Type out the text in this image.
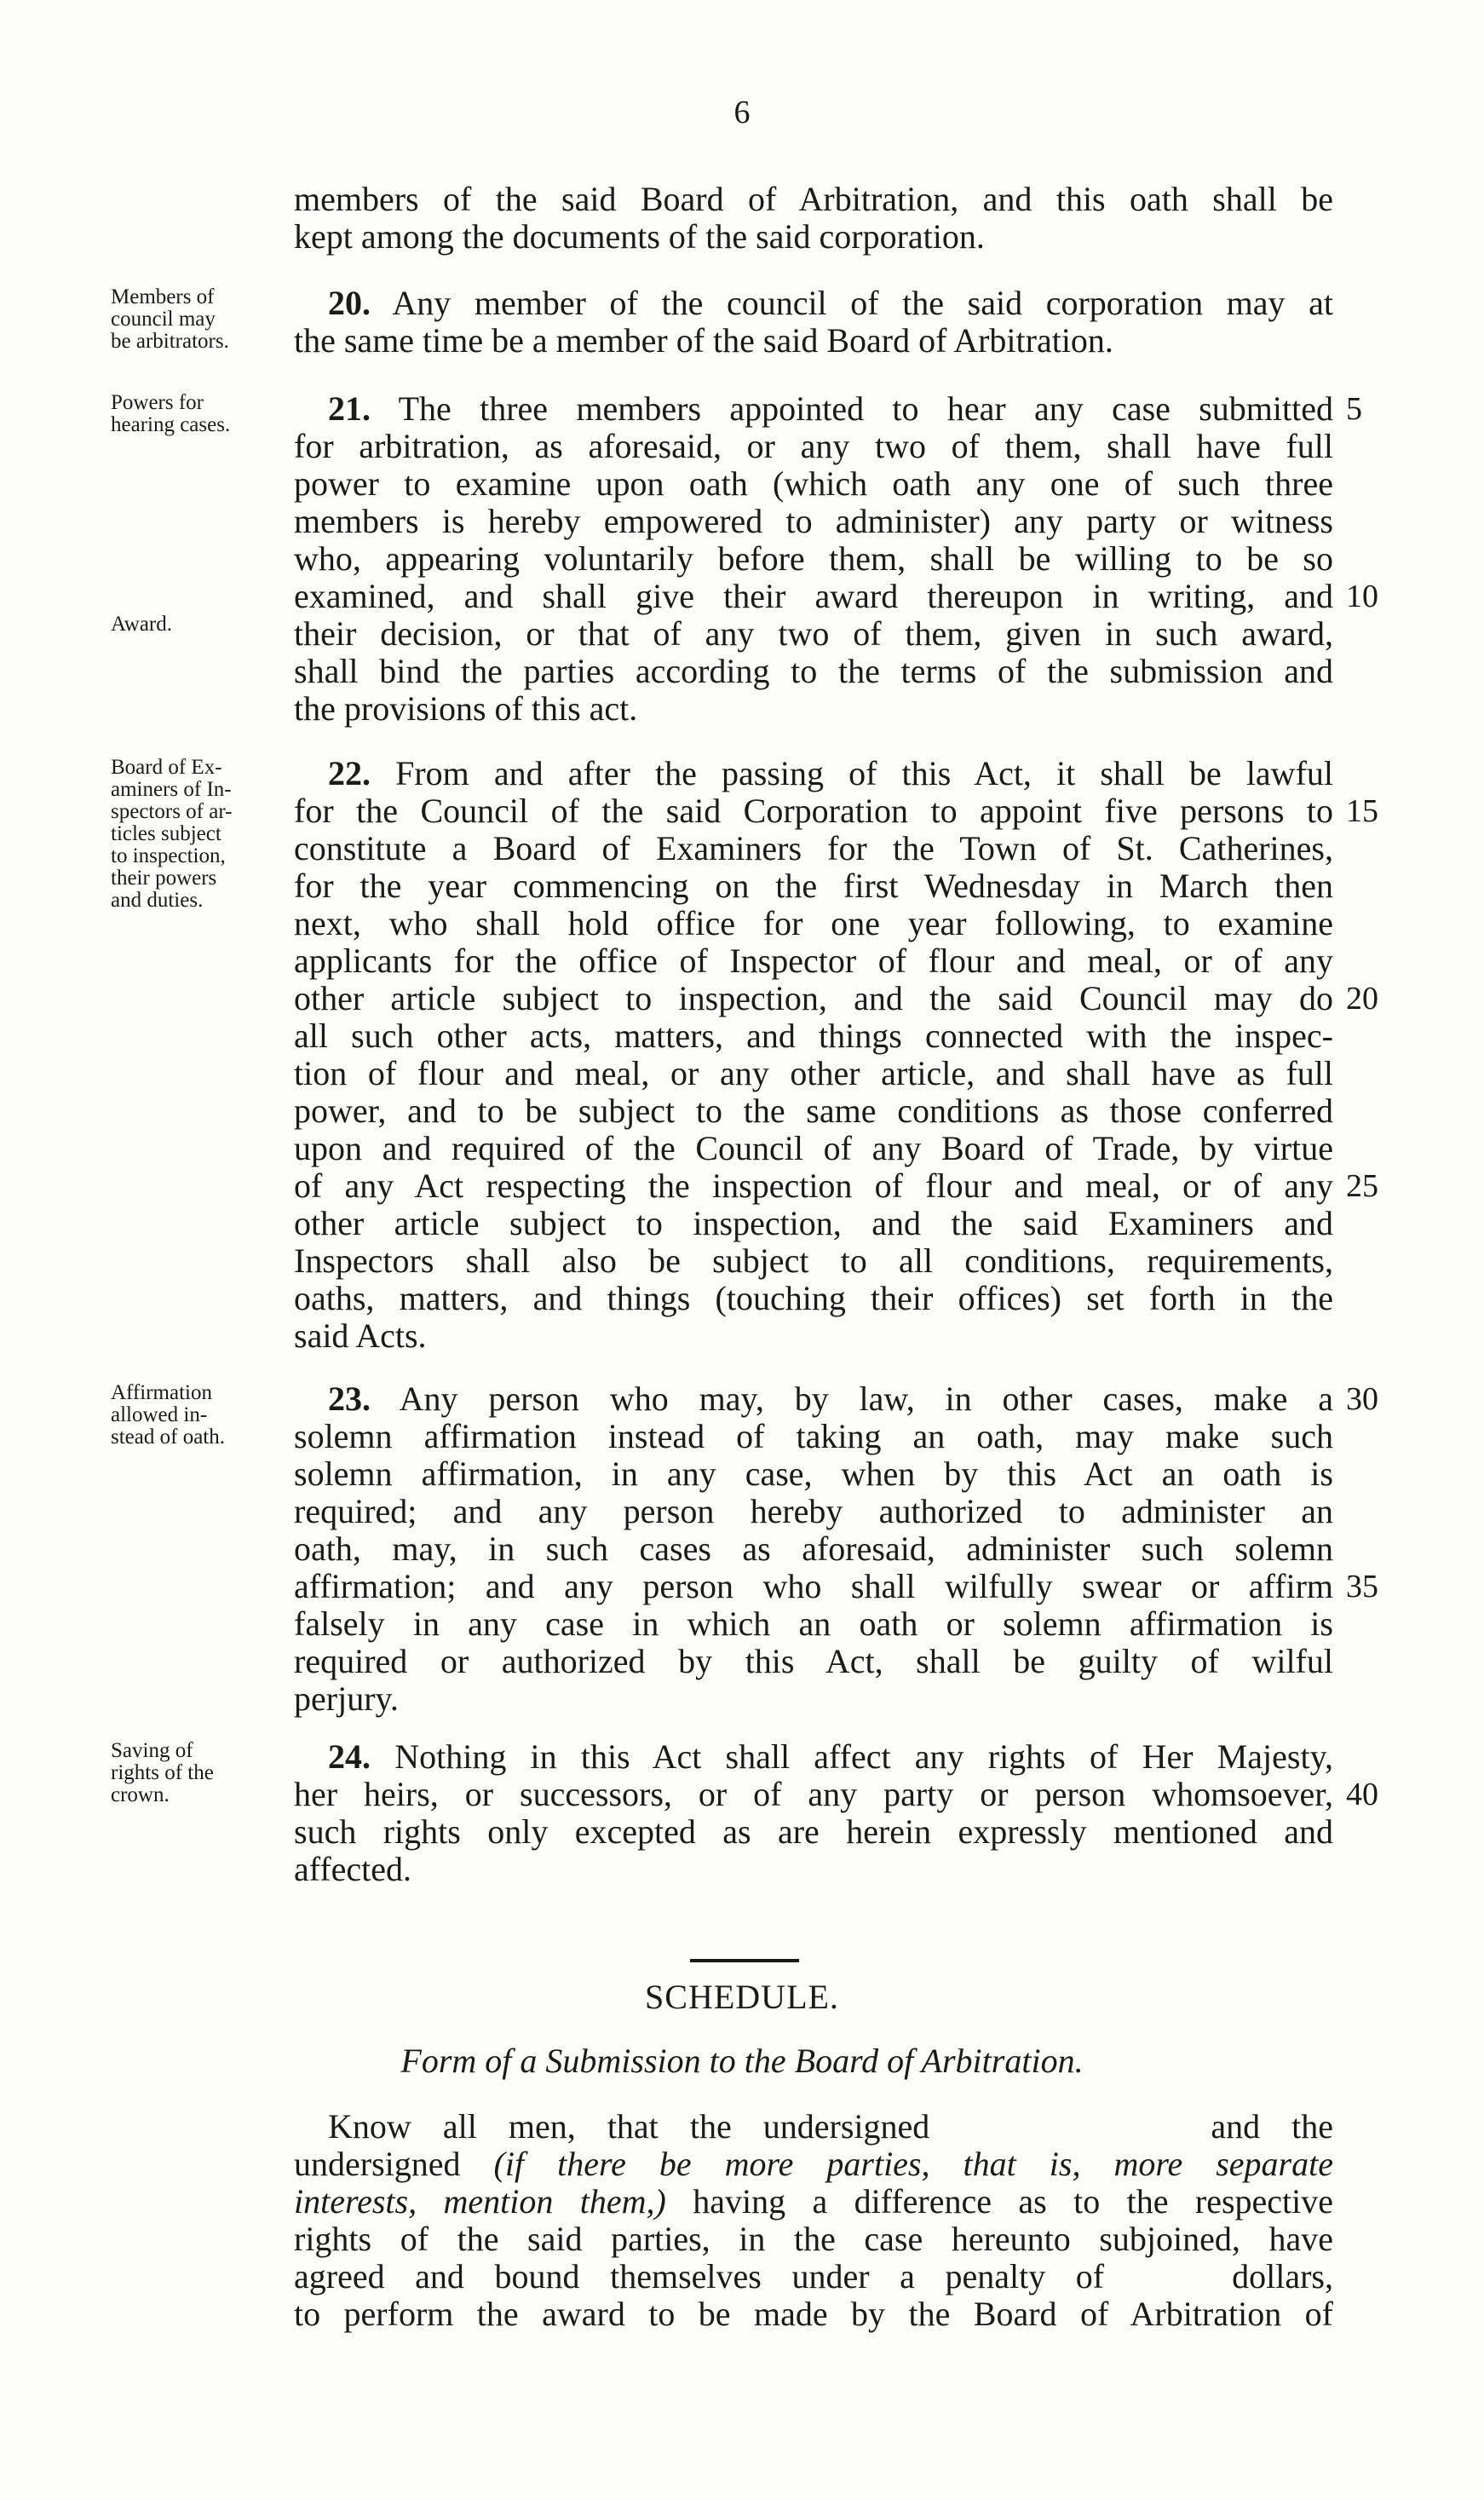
6
members of the said Board of Arbitration, and this oath shall be
kept among the documents of the said corporation.
Members of
council may
be arbitrators.
 20. Any member of the council of the said corporation may at
the same time be a member of the said Board of Arbitration.
Powers for
hearing cases.
Award.
 21. The three members appointed to hear any case submitted
for arbitration, as aforesaid, or any two of them, shall have full
power to examine upon oath (which oath any one of such three
members is hereby empowered to administer) any party or witness
who, appearing voluntarily before them, shall be willing to be so
examined, and shall give their award thereupon in writing, and
their decision, or that of any two of them, given in such award,
shall bind the parties according to the terms of the submission and
the provisions of this act.
Board of Ex-
aminers of In-
spectors of ar-
ticles subject
to inspection,
their powers
and duties.
 22. From and after the passing of this Act, it shall be lawful
for the Council of the said Corporation to appoint five persons to
constitute a Board of Examiners for the Town of St. Catherines,
for the year commencing on the first Wednesday in March then
next, who shall hold office for one year following, to examine
applicants for the office of Inspector of flour and meal, or of any
other article subject to inspection, and the said Council may do
all such other acts, matters, and things connected with the inspec-
tion of flour and meal, or any other article, and shall have as full
power, and to be subject to the same conditions as those conferred
upon and required of the Council of any Board of Trade, by virtue
of any Act respecting the inspection of flour and meal, or of any
other article subject to inspection, and the said Examiners and
Inspectors shall also be subject to all conditions, requirements,
oaths, matters, and things (touching their offices) set forth in the
said Acts.
Affirmation
allowed in-
stead of oath.
 23. Any person who may, by law, in other cases, make a
solemn affirmation instead of taking an oath, may make such
solemn affirmation, in any case, when by this Act an oath is
required; and any person hereby authorized to administer an
oath, may, in such cases as aforesaid, administer such solemn
affirmation; and any person who shall wilfully swear or affirm
falsely in any case in which an oath or solemn affirmation is
required or authorized by this Act, shall be guilty of wilful
perjury.
Saving of
rights of the
crown.
 24. Nothing in this Act shall affect any rights of Her Majesty,
her heirs, or successors, or of any party or person whomsoever,
such rights only excepted as are herein expressly mentioned and
affected.
5
10
15
20
25
30
35
40
SCHEDULE.
Form of a Submission to the Board of Arbitration.
 Know all men, that the undersigned	and the
undersigned (if there be more parties, that is, more separate
interests, mention them,) having a difference as to the respective
rights of the said parties, in the case hereunto subjoined, have
agreed and bound themselves under a penalty of	dollars,
to perform the award to be made by the Board of Arbitration of
